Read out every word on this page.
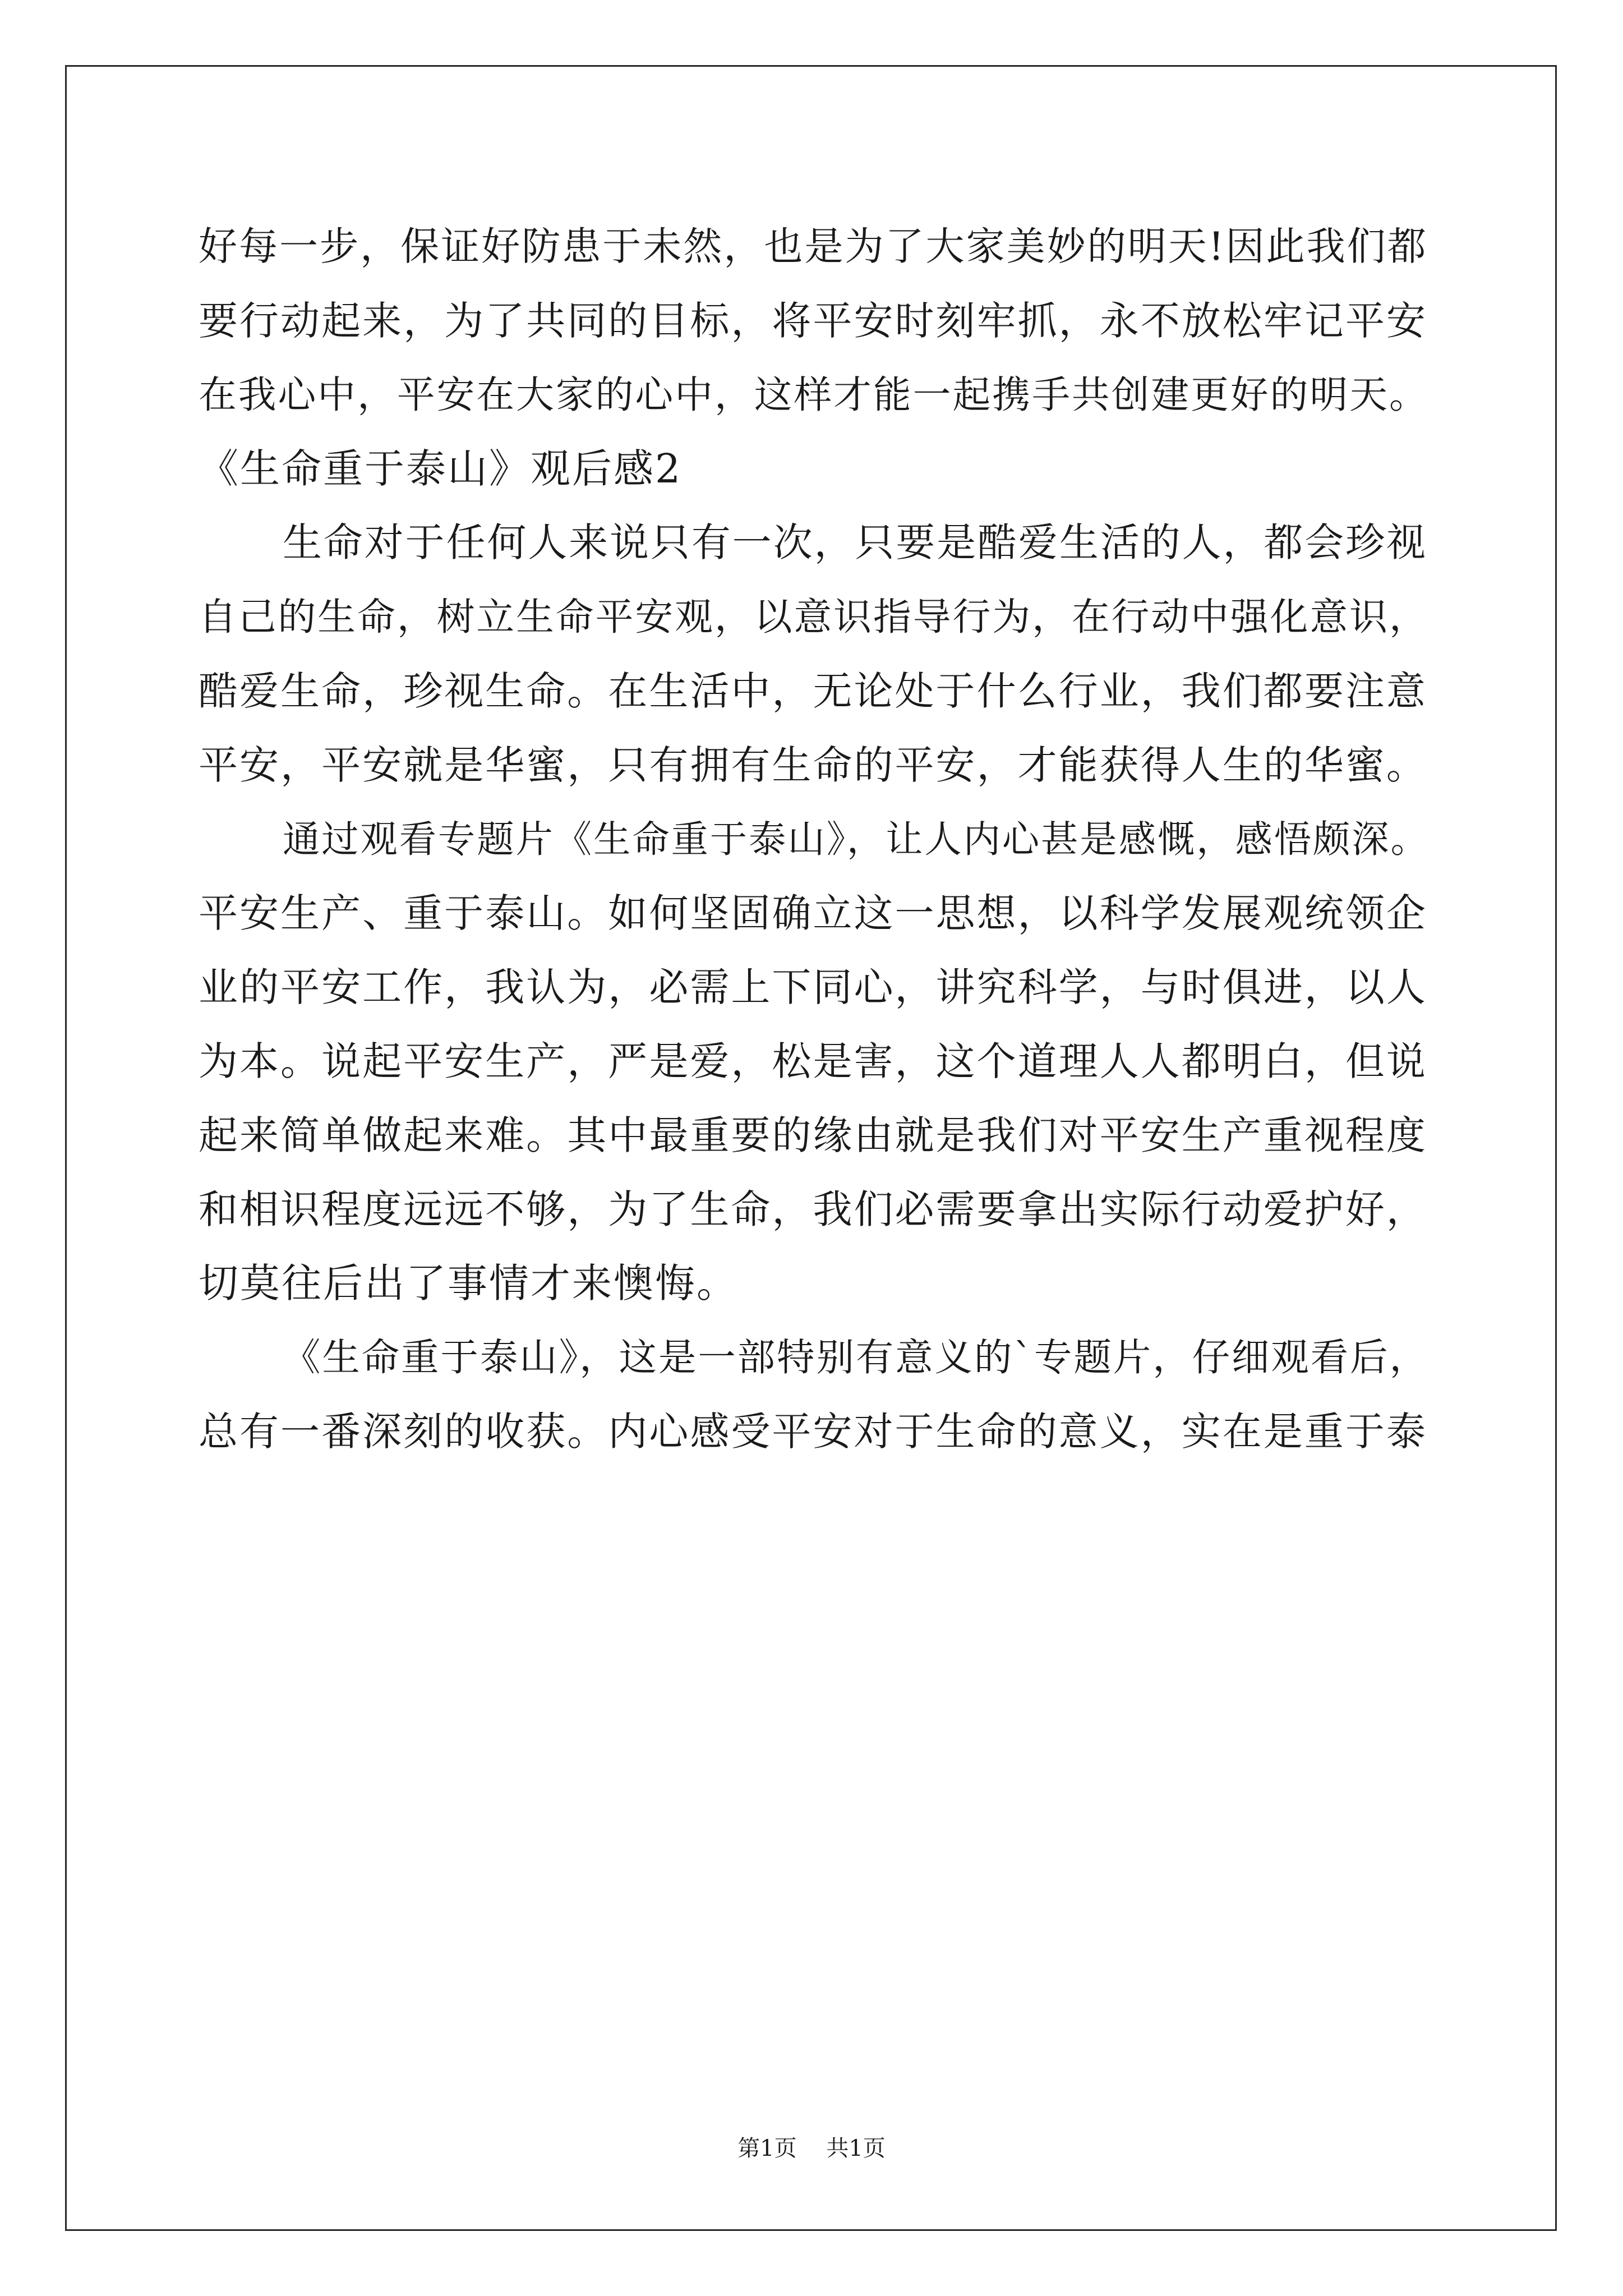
好每一步，保证好防患于未然，也是为了大家美妙的明天!因此我们都
要行动起来，为了共同的目标，将平安时刻牢抓，永不放松牢记平安
在我心中，平安在大家的心中，这样才能一起携手共创建更好的明天。
《生命重于泰山》观后感2
生命对于任何人来说只有一次，只要是酷爱生活的人，都会珍视
自己的生命，树立生命平安观，以意识指导行为，在行动中强化意识，
酷爱生命，珍视生命。在生活中，无论处于什么行业，我们都要注意
平安，平安就是华蜜，只有拥有生命的平安，才能获得人生的华蜜。
通过观看专题片《生命重于泰山》，让人内心甚是感慨，感悟颇深。
平安生产、重于泰山。如何坚固确立这一思想，以科学发展观统领企
业的平安工作，我认为，必需上下同心，讲究科学，与时俱进，以人
为本。说起平安生产，严是爱，松是害，这个道理人人都明白，但说
起来简单做起来难。其中最重要的缘由就是我们对平安生产重视程度
和相识程度远远不够，为了生命，我们必需要拿出实际行动爱护好，
切莫往后出了事情才来懊悔。
《生命重于泰山》，这是一部特别有意义的`专题片，仔细观看后，
总有一番深刻的收获。内心感受平安对于生命的意义，实在是重于泰
第1页 共1页
